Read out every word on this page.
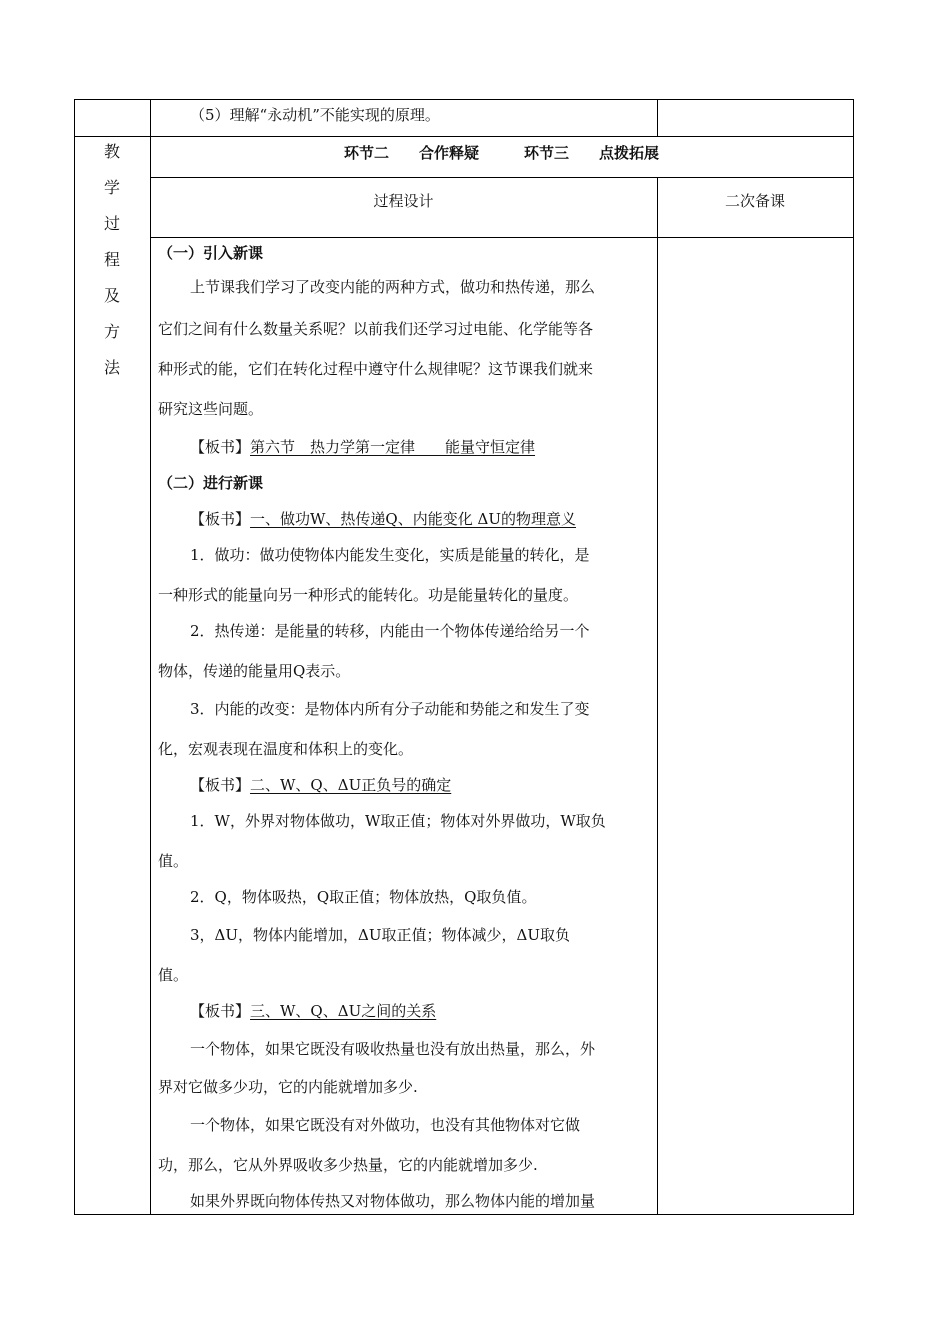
（5）理解“永动机”不能实现的原理。
教
学
过
程
及
方
法
环节二　　合作释疑　　　环节三　　点拨拓展
过程设计	二次备课
（一）引入新课
上节课我们学习了改变内能的两种方式，做功和热传递，那么
它们之间有什么数量关系呢？以前我们还学习过电能、化学能等各
种形式的能，它们在转化过程中遵守什么规律呢？这节课我们就来
研究这些问题。
【板书】第六节　热力学第一定律　　能量守恒定律
（二）进行新课
【板书】一、做功W、热传递Q、内能变化 ΔU的物理意义
1．做功：做功使物体内能发生变化，实质是能量的转化，是
一种形式的能量向另一种形式的能转化。功是能量转化的量度。
2．热传递：是能量的转移，内能由一个物体传递给给另一个
物体，传递的能量用Q表示。
3．内能的改变：是物体内所有分子动能和势能之和发生了变
化，宏观表现在温度和体积上的变化。
【板书】二、W、Q、ΔU正负号的确定
1．W，外界对物体做功，W取正值；物体对外界做功，W取负
值。
2．Q，物体吸热，Q取正值；物体放热，Q取负值。
3，ΔU，物体内能增加，ΔU取正值；物体减少，ΔU取负
值。
【板书】三、W、Q、ΔU之间的关系
一个物体，如果它既没有吸收热量也没有放出热量，那么，外
界对它做多少功，它的内能就增加多少.
一个物体，如果它既没有对外做功，也没有其他物体对它做
功，那么，它从外界吸收多少热量，它的内能就增加多少.
如果外界既向物体传热又对物体做功，那么物体内能的增加量
